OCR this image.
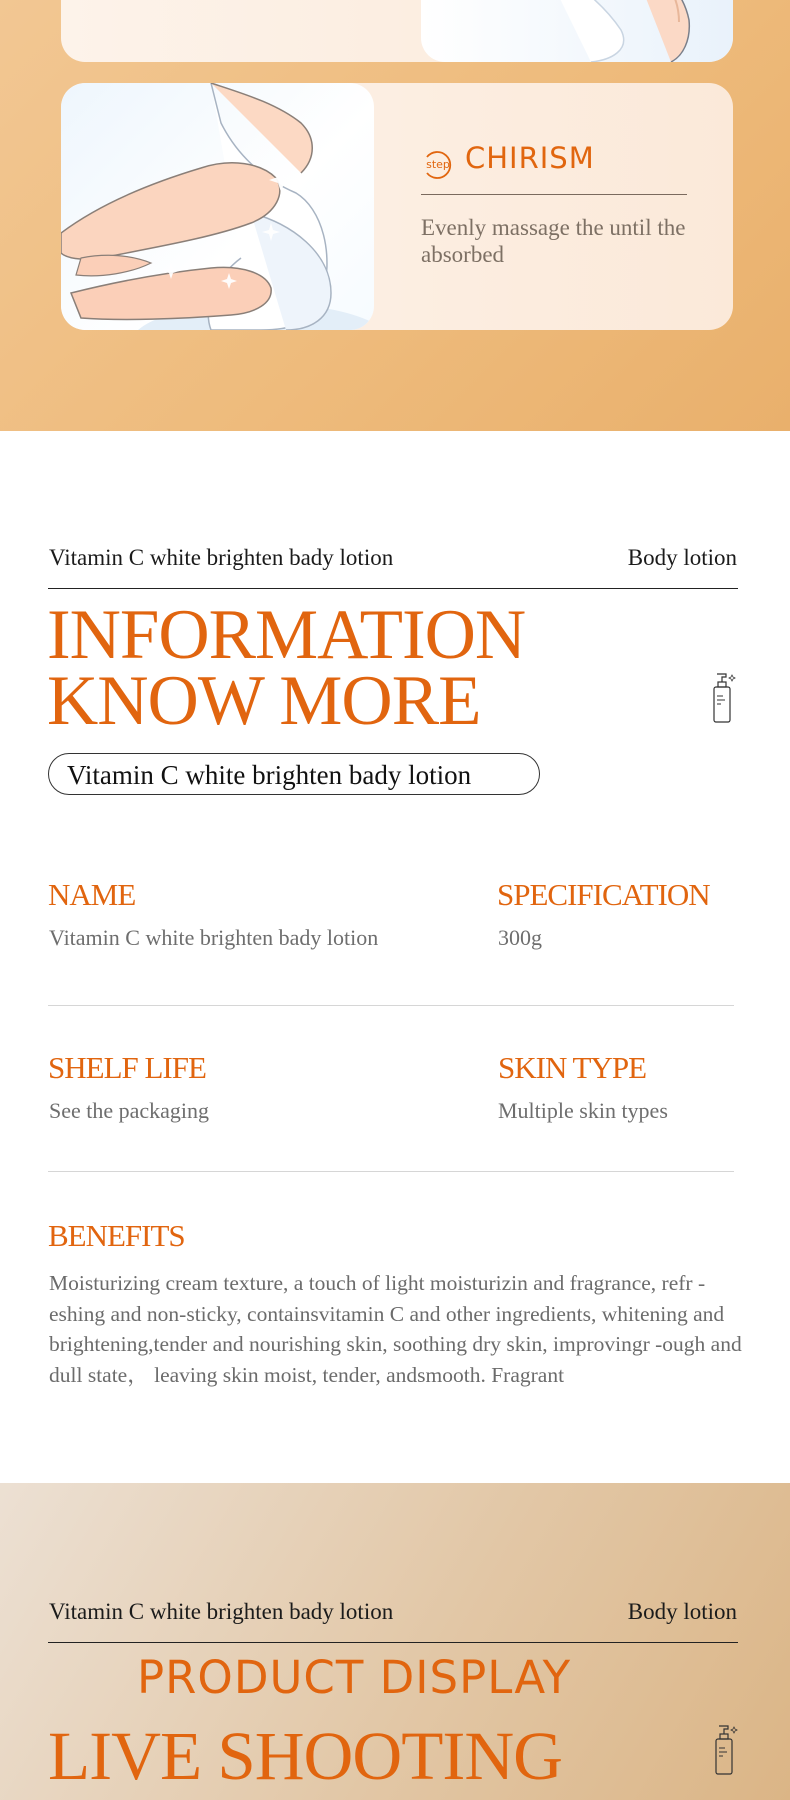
step CHIRISM
Evenly massage the until the absorbed
Vitamin C white brighten bady lotion	Body lotion
INFORMATION
KNOW MORE
Vitamin C white brighten bady lotion
NAME
Vitamin C white brighten bady lotion
SPECIFICATION
300g
SHELF LIFE
See the packaging
SKIN TYPE
Multiple skin types
BENEFITS
Moisturizing cream texture, a touch of light moisturizin and fragrance, refr -eshing and non-sticky, containsvitamin C and other ingredients, whitening and brightening,tender and nourishing skin, soothing dry skin, improvingr -ough and dull state， leaving skin moist, tender, andsmooth. Fragrant
Vitamin C white brighten bady lotion	Body lotion
PRODUCT DISPLAY
LIVE SHOOTING
